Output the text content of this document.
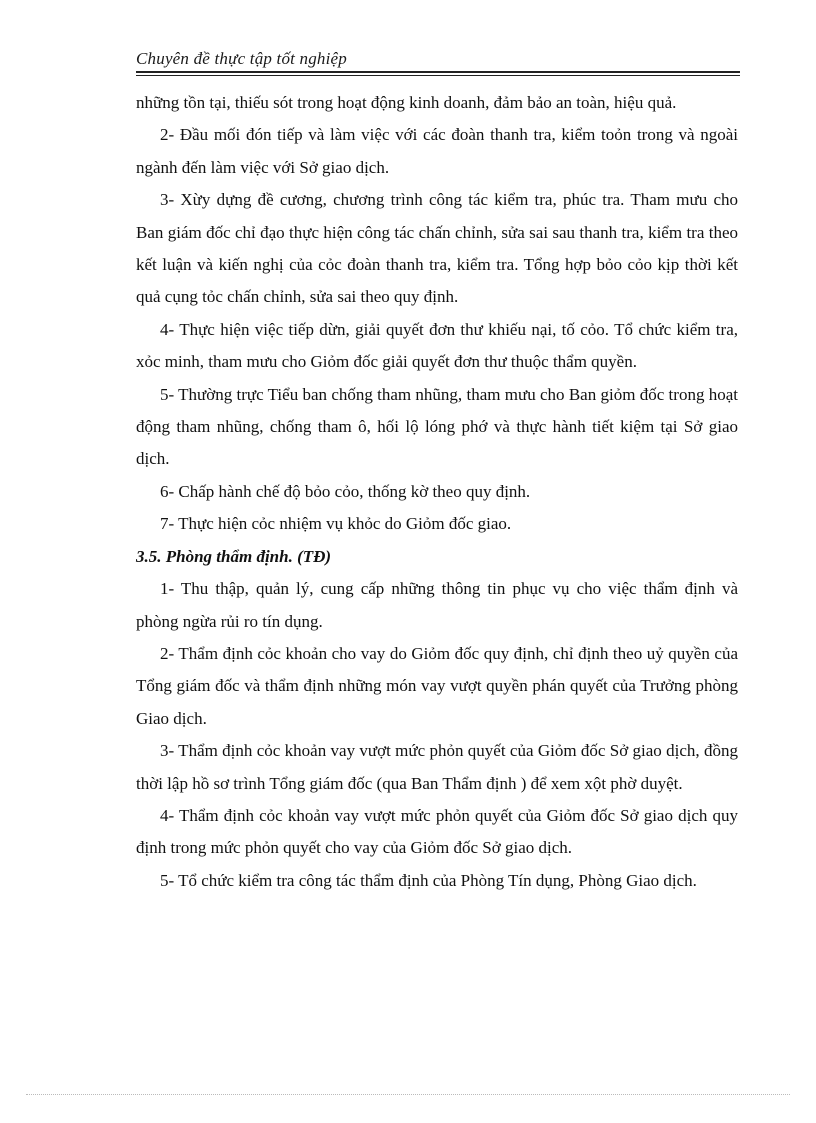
Chuyên đề thực tập tốt nghiệp

những tồn tại, thiếu sót trong hoạt động kinh doanh, đảm bảo an toàn, hiệu quả.

2- Đầu mối đón tiếp và làm việc với các đoàn thanh tra, kiểm toỏn trong và ngoài ngành đến làm việc với Sở giao dịch.

3- Xừy dựng đề cương, chương trình công tác kiểm tra, phúc tra. Tham mưu cho Ban giám đốc chỉ đạo thực hiện công tác chấn chỉnh, sửa sai sau thanh tra, kiểm tra theo kết luận và kiến nghị của cỏc đoàn thanh tra, kiểm tra. Tổng hợp bỏo cỏo kịp thời kết quả cụng tỏc chấn chỉnh, sửa sai theo quy định.

4- Thực hiện việc tiếp dừn, giải quyết đơn thư khiếu nại, tố cỏo. Tổ chức kiểm tra, xỏc minh, tham mưu cho Giỏm đốc giải quyết đơn thư thuộc thẩm quyền.

5- Thường trực Tiểu ban chống tham nhũng, tham mưu cho Ban giỏm đốc trong hoạt động tham nhũng, chống tham ô, hối lộ lóng phớ và thực hành tiết kiệm tại Sở giao dịch.

6- Chấp hành chế độ bỏo cỏo, thống kờ theo quy định.

7- Thực hiện cỏc nhiệm vụ khỏc do Giỏm đốc giao.

3.5. Phòng thẩm định. (TĐ)

1- Thu thập, quản lý, cung cấp những thông tin phục vụ cho việc thẩm định và phòng ngừa rủi ro tín dụng.

2- Thẩm định cỏc khoản cho vay do Giỏm đốc quy định, chỉ định theo uỷ quyền của Tổng giám đốc và thẩm định những món vay vượt quyền phán quyết của Trưởng phòng Giao dịch.

3- Thẩm định cỏc khoản vay vượt mức phỏn quyết của Giỏm đốc Sở giao dịch, đồng thời lập hồ sơ trình Tổng giám đốc (qua Ban Thẩm định ) để xem xột phờ duyệt.

4- Thẩm định cỏc khoản vay vượt mức phỏn quyết của Giỏm đốc Sở giao dịch quy định trong mức phỏn quyết cho vay của Giỏm đốc Sở giao dịch.

5- Tổ chức kiểm tra công tác thẩm định của Phòng Tín dụng, Phòng Giao dịch.
